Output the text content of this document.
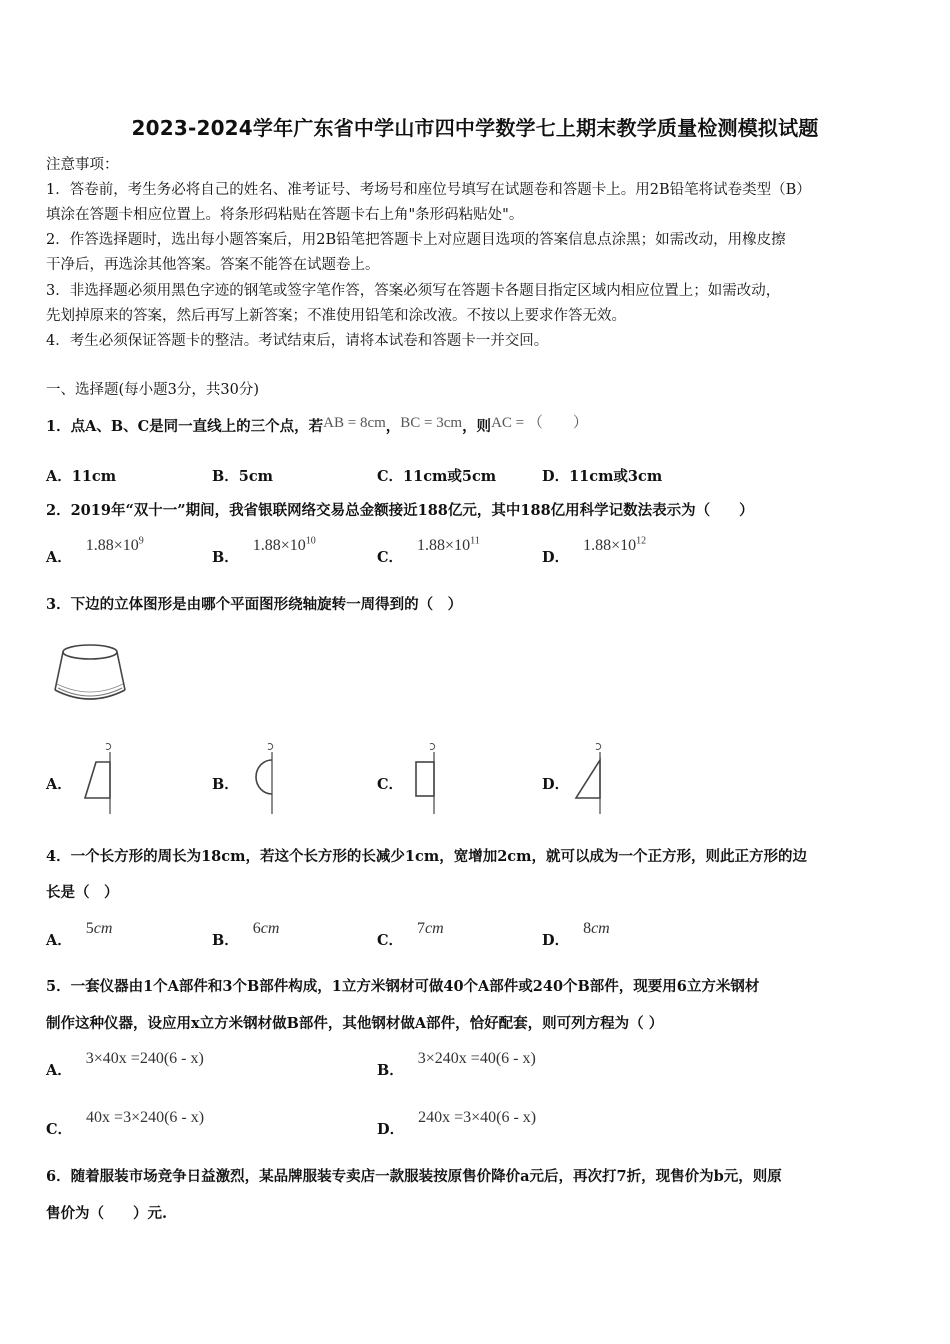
2023-2024学年广东省中学山市四中学数学七上期末教学质量检测模拟试题
注意事项：
1．答卷前，考生务必将自己的姓名、准考证号、考场号和座位号填写在试题卷和答题卡上。用2B铅笔将试卷类型（B）
填涂在答题卡相应位置上。将条形码粘贴在答题卡右上角"条形码粘贴处"。
2．作答选择题时，选出每小题答案后，用2B铅笔把答题卡上对应题目选项的答案信息点涂黑；如需改动，用橡皮擦
干净后，再选涂其他答案。答案不能答在试题卷上。
3．非选择题必须用黑色字迹的钢笔或签字笔作答，答案必须写在答题卡各题目指定区域内相应位置上；如需改动，
先划掉原来的答案，然后再写上新答案；不准使用铅笔和涂改液。不按以上要求作答无效。
4．考生必须保证答题卡的整洁。考试结束后，请将本试卷和答题卡一并交回。
一、选择题(每小题3分，共30分)
1．点A、B、C是同一直线上的三个点，若AB = 8cm，BC = 3cm，则AC = （　　）
A．11cm	B．5cm	C．11cm或5cm	D．11cm或3cm
2．2019年“双十一”期间，我省银联网络交易总金额接近188亿元，其中188亿用科学记数法表示为（　　）
A．$1.88\times 10^9$
B．$1.88\times 10^{10}$
C．$1.88\times 10^{11}$
D．$1.88\times 10^{12}$
3．下边的立体图形是由哪个平面图形绕轴旋转一周得到的（　）
A．	B．	C．	D．
4．一个长方形的周长为18cm，若这个长方形的长减少1cm，宽增加2cm，就可以成为一个正方形，则此正方形的边
长是（　）
A．5cm
B．6cm
C．7cm
D．8cm
5．一套仪器由1个A部件和3个B部件构成，1立方米钢材可做40个A部件或240个B部件，现要用6立方米钢材
制作这种仪器，设应用x立方米钢材做B部件，其他钢材做A部件，恰好配套，则可列方程为（ ）
A．3×40x =240(6 - x)
B．3×240x =40(6 - x)
C．40x =3×240(6 - x)
D．240x =3×40(6 - x)
6．随着服装市场竞争日益激烈，某品牌服装专卖店一款服装按原售价降价a元后，再次打7折，现售价为b元，则原
售价为（　　）元.
